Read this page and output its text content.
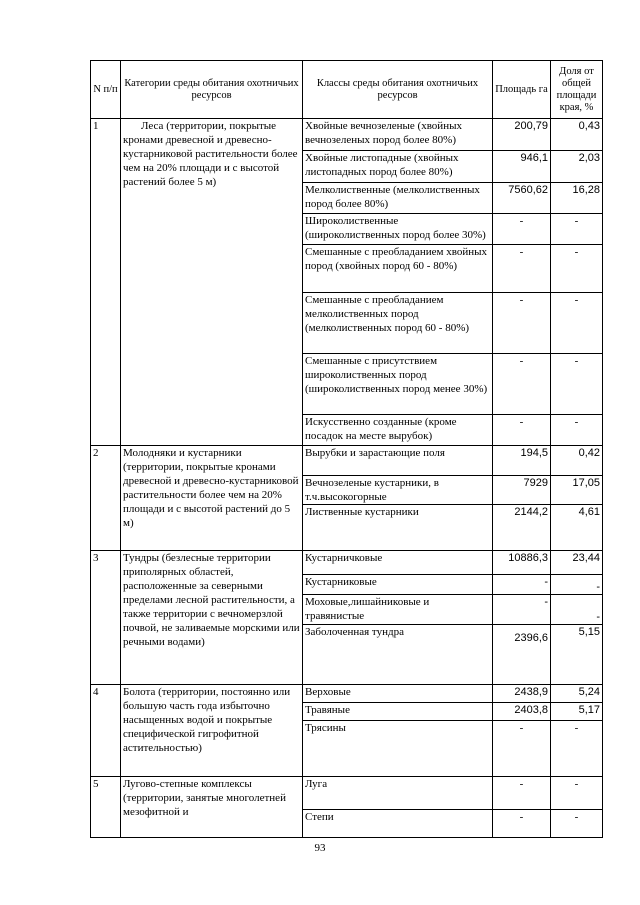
N п/п	Категории среды обитания охотничьих ресурсов	Классы среды обитания охотничьих ресурсов	Площадь га	Доля от общей площади края, %
1	Леса (территории, покрытые кронами древесной и древесно-кустарниковой растительности более чем на 20% площади и с высотой растений более 5 м)	Хвойные вечнозеленые (хвойных вечнозеленых пород более 80%)	200,79	0,43
		Хвойные листопадные (хвойных листопадных пород более 80%)	946,1	2,03
		Мелколиственные (мелколиственных пород более 80%)	7560,62	16,28
		Широколиственные (широколиственных пород более 30%)	-	-
		Смешанные с преобладанием хвойных пород (хвойных пород 60 - 80%)	-	-
		Смешанные с преобладанием мелколиственных пород (мелколиственных пород 60 - 80%)	-	-
		Смешанные с присутствием широколиственных пород (широколиственных пород менее 30%)	-	-
		Искусственно созданные (кроме посадок на месте вырубок)	-	-
2	Молодняки и кустарники (территории, покрытые кронами древесной и древесно-кустарниковой растительности более чем на 20% площади и с высотой растений до 5 м)	Вырубки и зарастающие поля	194,5	0,42
		Вечнозеленые кустарники, в т.ч.высокогорные	7929	17,05
		Лиственные кустарники	2144,2	4,61
3	Тундры (безлесные территории приполярных областей, расположенные за северными пределами лесной растительности, а также территории с вечномерзлой почвой, не заливаемые морскими или речными водами)	Кустарничковые	10886,3	23,44
		Кустарниковые	-	-
		Моховые,лишайниковые и травянистые	-	-
		Заболоченная тундра	2396,6	5,15
4	Болота (территории, постоянно или большую часть года избыточно насыщенных водой и покрытые специфической гигрофитной астительностью)	Верховые	2438,9	5,24
		Травяные	2403,8	5,17
		Трясины	-	-
5	Лугово-степные комплексы (территории, занятые многолетней мезофитной и	Луга	-	-
		Степи	-	-
93
